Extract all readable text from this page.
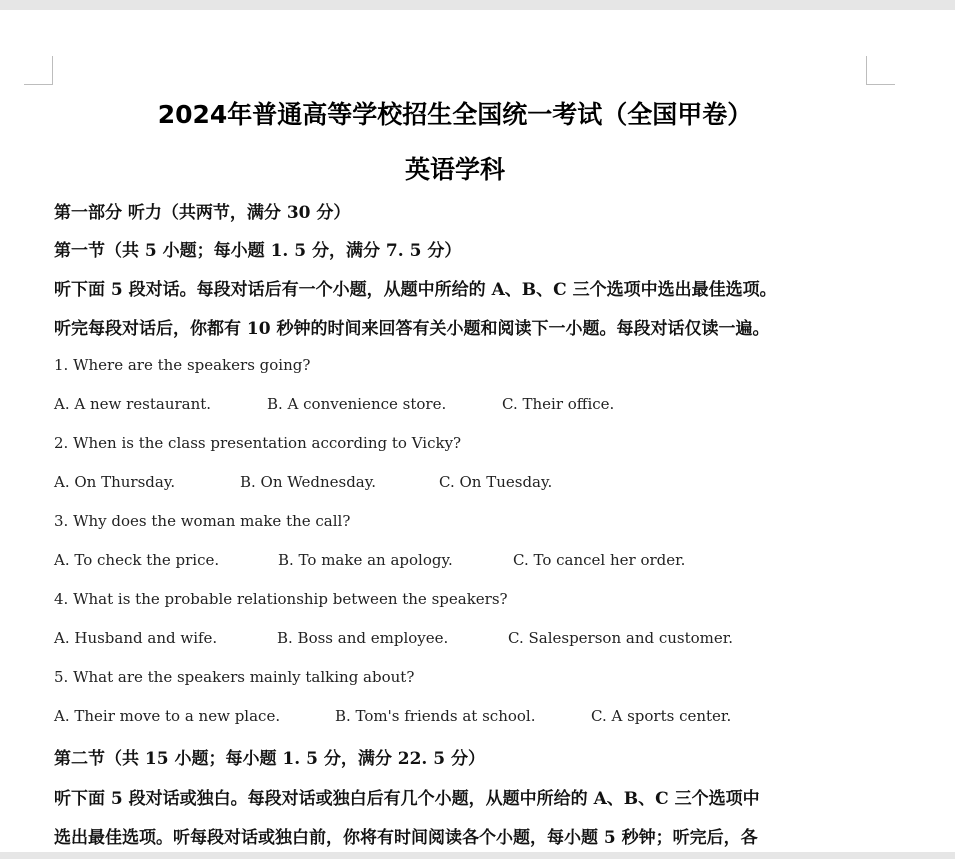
2024年普通高等学校招生全国统一考试（全国甲卷）
英语学科
第一部分 听力（共两节，满分 30 分）
第一节（共 5 小题；每小题 1. 5 分，满分 7. 5 分）
听下面 5 段对话。每段对话后有一个小题，从题中所给的 A、B、C 三个选项中选出最佳选项。
听完每段对话后，你都有 10 秒钟的时间来回答有关小题和阅读下一小题。每段对话仅读一遍。
1. Where are the speakers going?
A. A new restaurant.	B. A convenience store.	C. Their office.
2. When is the class presentation according to Vicky?
A. On Thursday.	B. On Wednesday.	C. On Tuesday.
3. Why does the woman make the call?
A. To check the price.	B. To make an apology.	C. To cancel her order.
4. What is the probable relationship between the speakers?
A. Husband and wife.	B. Boss and employee.	C. Salesperson and customer.
5. What are the speakers mainly talking about?
A. Their move to a new place.	B. Tom's friends at school.	C. A sports center.
第二节（共 15 小题；每小题 1. 5 分，满分 22. 5 分）
听下面 5 段对话或独白。每段对话或独白后有几个小题，从题中所给的 A、B、C 三个选项中
选出最佳选项。听每段对话或独白前，你将有时间阅读各个小题，每小题 5 秒钟；听完后，各
